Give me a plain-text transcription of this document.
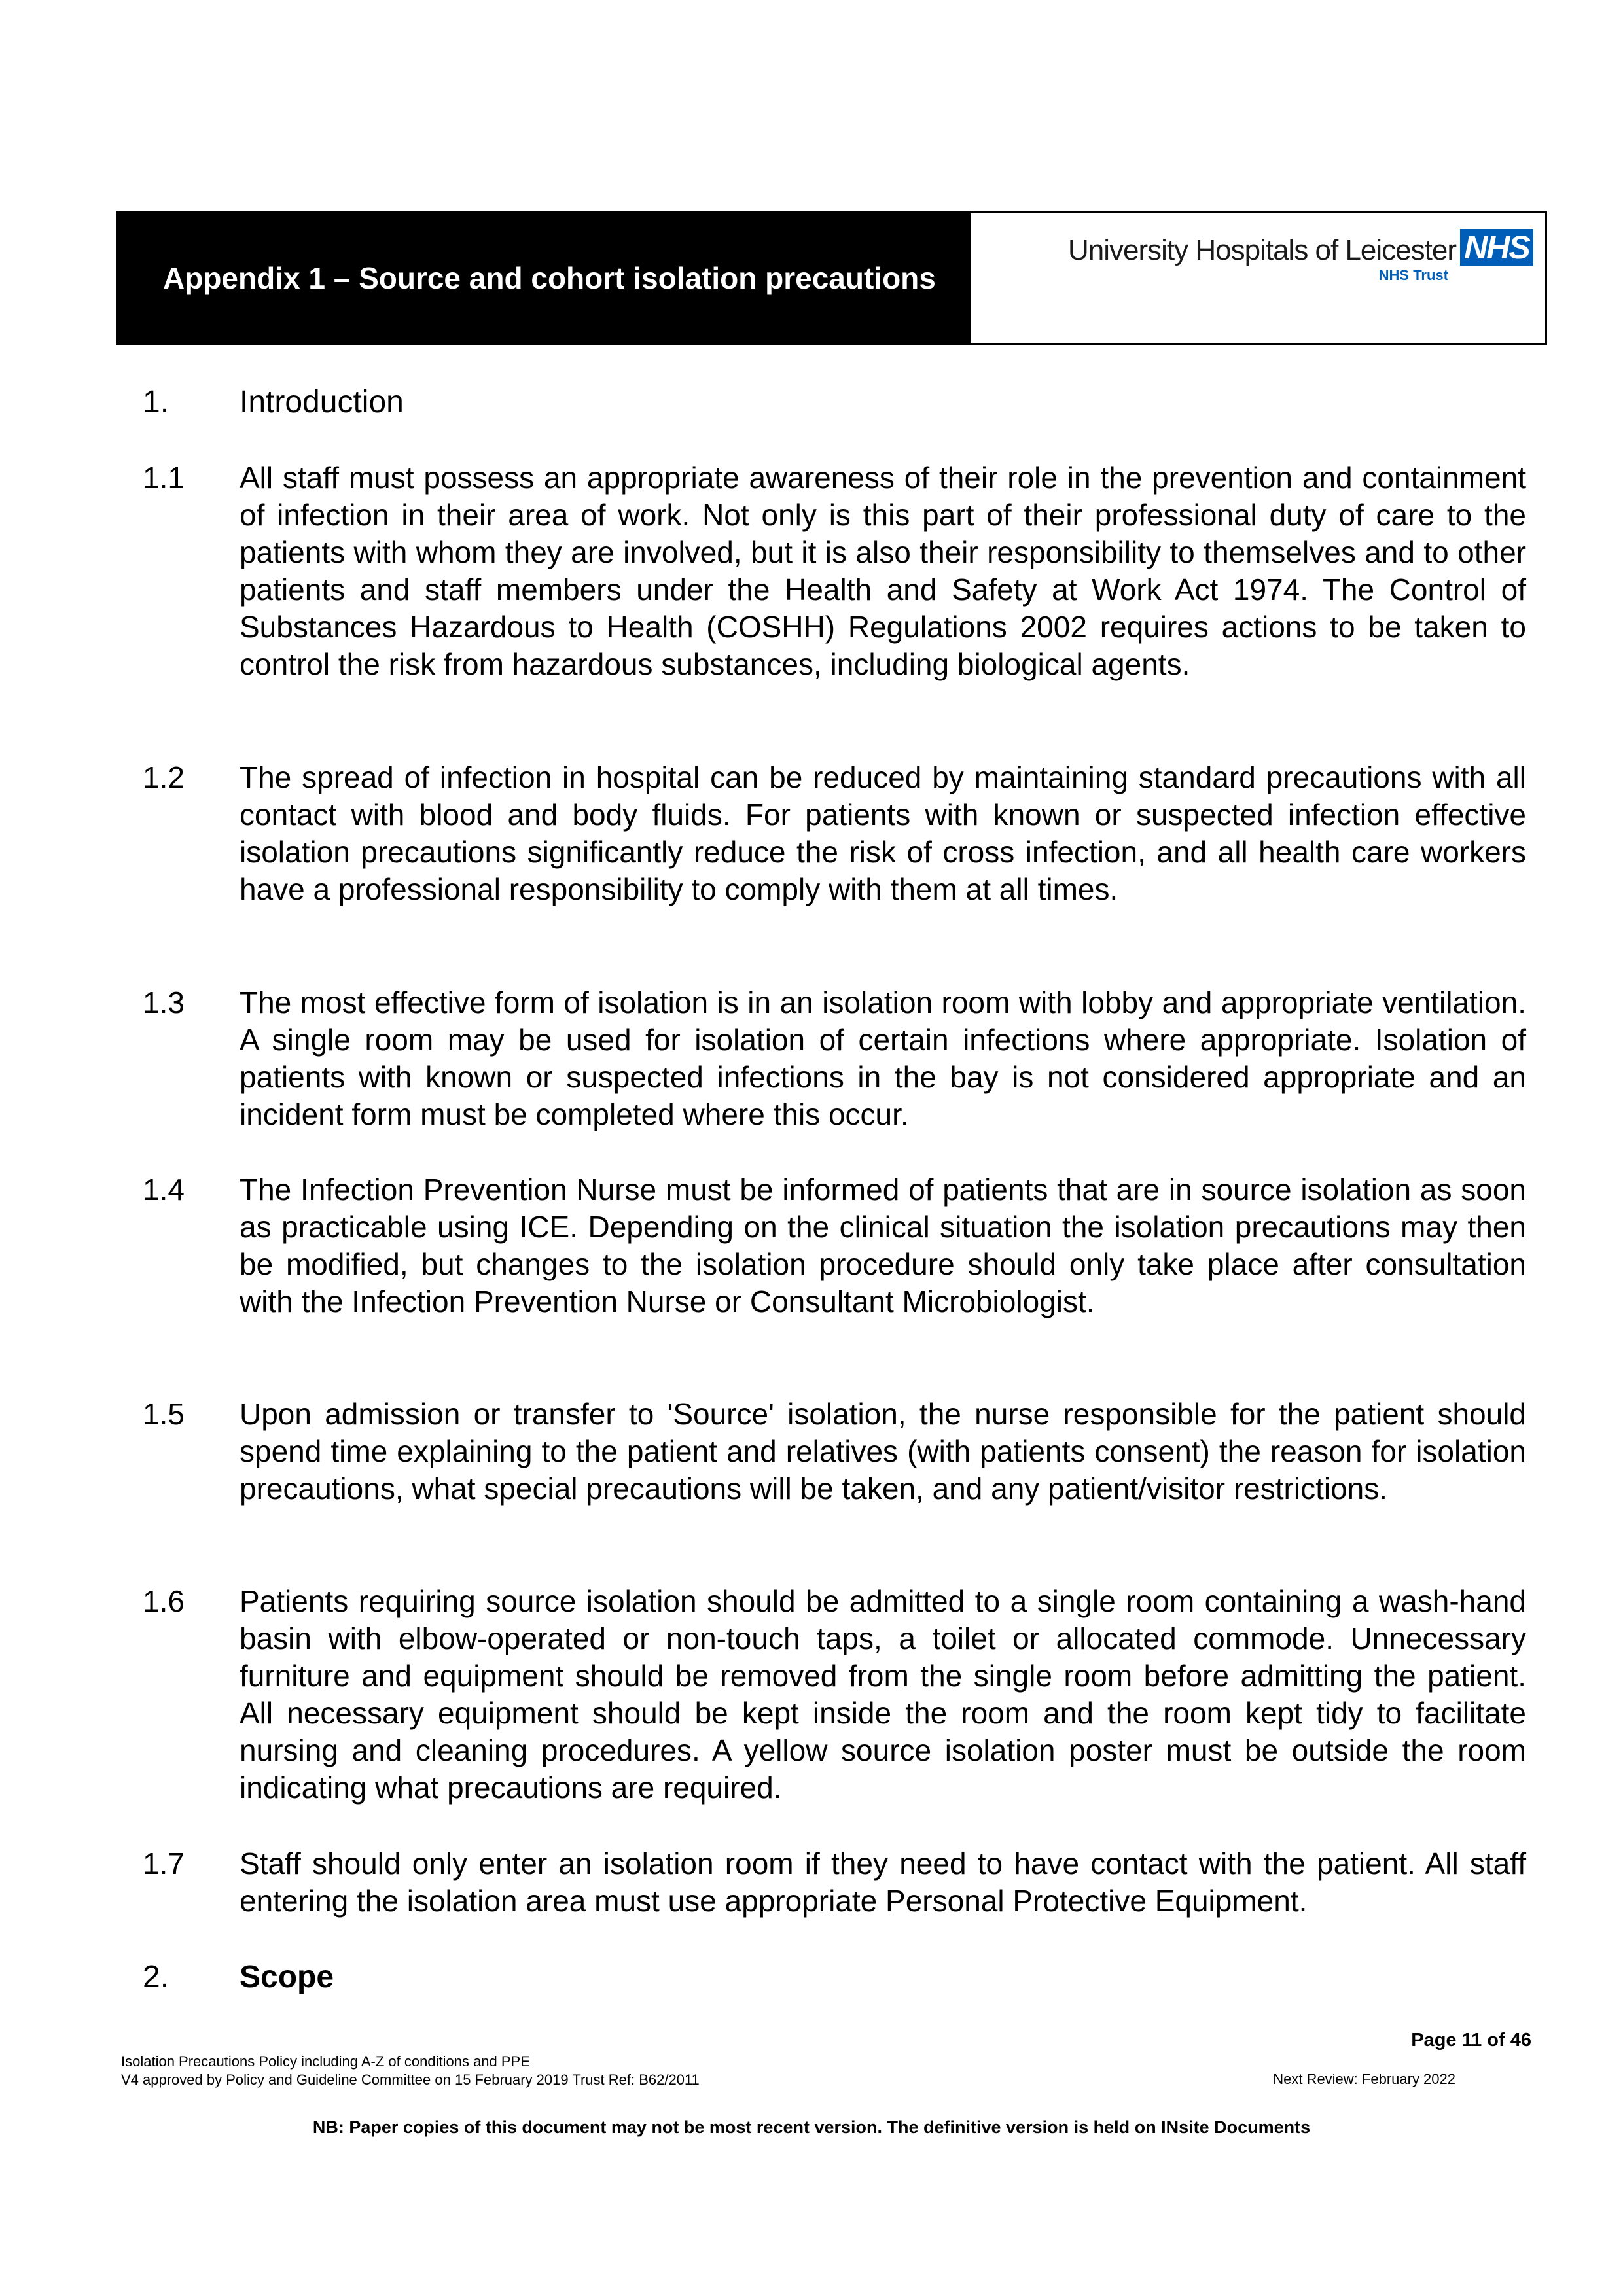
Appendix 1 – Source and cohort isolation precautions
University Hospitals of Leicester NHS
NHS Trust
1. Introduction
1.1 All staff must possess an appropriate awareness of their role in the prevention and containment of infection in their area of work. Not only is this part of their professional duty of care to the patients with whom they are involved, but it is also their responsibility to themselves and to other patients and staff members under the Health and Safety at Work Act 1974. The Control of Substances Hazardous to Health (COSHH) Regulations 2002 requires actions to be taken to control the risk from hazardous substances, including biological agents.
1.2 The spread of infection in hospital can be reduced by maintaining standard precautions with all contact with blood and body fluids. For patients with known or suspected infection effective isolation precautions significantly reduce the risk of cross infection, and all health care workers have a professional responsibility to comply with them at all times.
1.3 The most effective form of isolation is in an isolation room with lobby and appropriate ventilation. A single room may be used for isolation of certain infections where appropriate. Isolation of patients with known or suspected infections in the bay is not considered appropriate and an incident form must be completed where this occur.
1.4 The Infection Prevention Nurse must be informed of patients that are in source isolation as soon as practicable using ICE. Depending on the clinical situation the isolation precautions may then be modified, but changes to the isolation procedure should only take place after consultation with the Infection Prevention Nurse or Consultant Microbiologist.
1.5 Upon admission or transfer to 'Source' isolation, the nurse responsible for the patient should spend time explaining to the patient and relatives (with patients consent) the reason for isolation precautions, what special precautions will be taken, and any patient/visitor restrictions.
1.6 Patients requiring source isolation should be admitted to a single room containing a wash-hand basin with elbow-operated or non-touch taps, a toilet or allocated commode. Unnecessary furniture and equipment should be removed from the single room before admitting the patient. All necessary equipment should be kept inside the room and the room kept tidy to facilitate nursing and cleaning procedures. A yellow source isolation poster must be outside the room indicating what precautions are required.
1.7 Staff should only enter an isolation room if they need to have contact with the patient. All staff entering the isolation area must use appropriate Personal Protective Equipment.
2. Scope
Page 11 of 46
Isolation Precautions Policy including A-Z of conditions and PPE
V4 approved by Policy and Guideline Committee on 15 February 2019 Trust Ref: B62/2011	Next Review: February 2022
NB: Paper copies of this document may not be most recent version. The definitive version is held on INsite Documents
